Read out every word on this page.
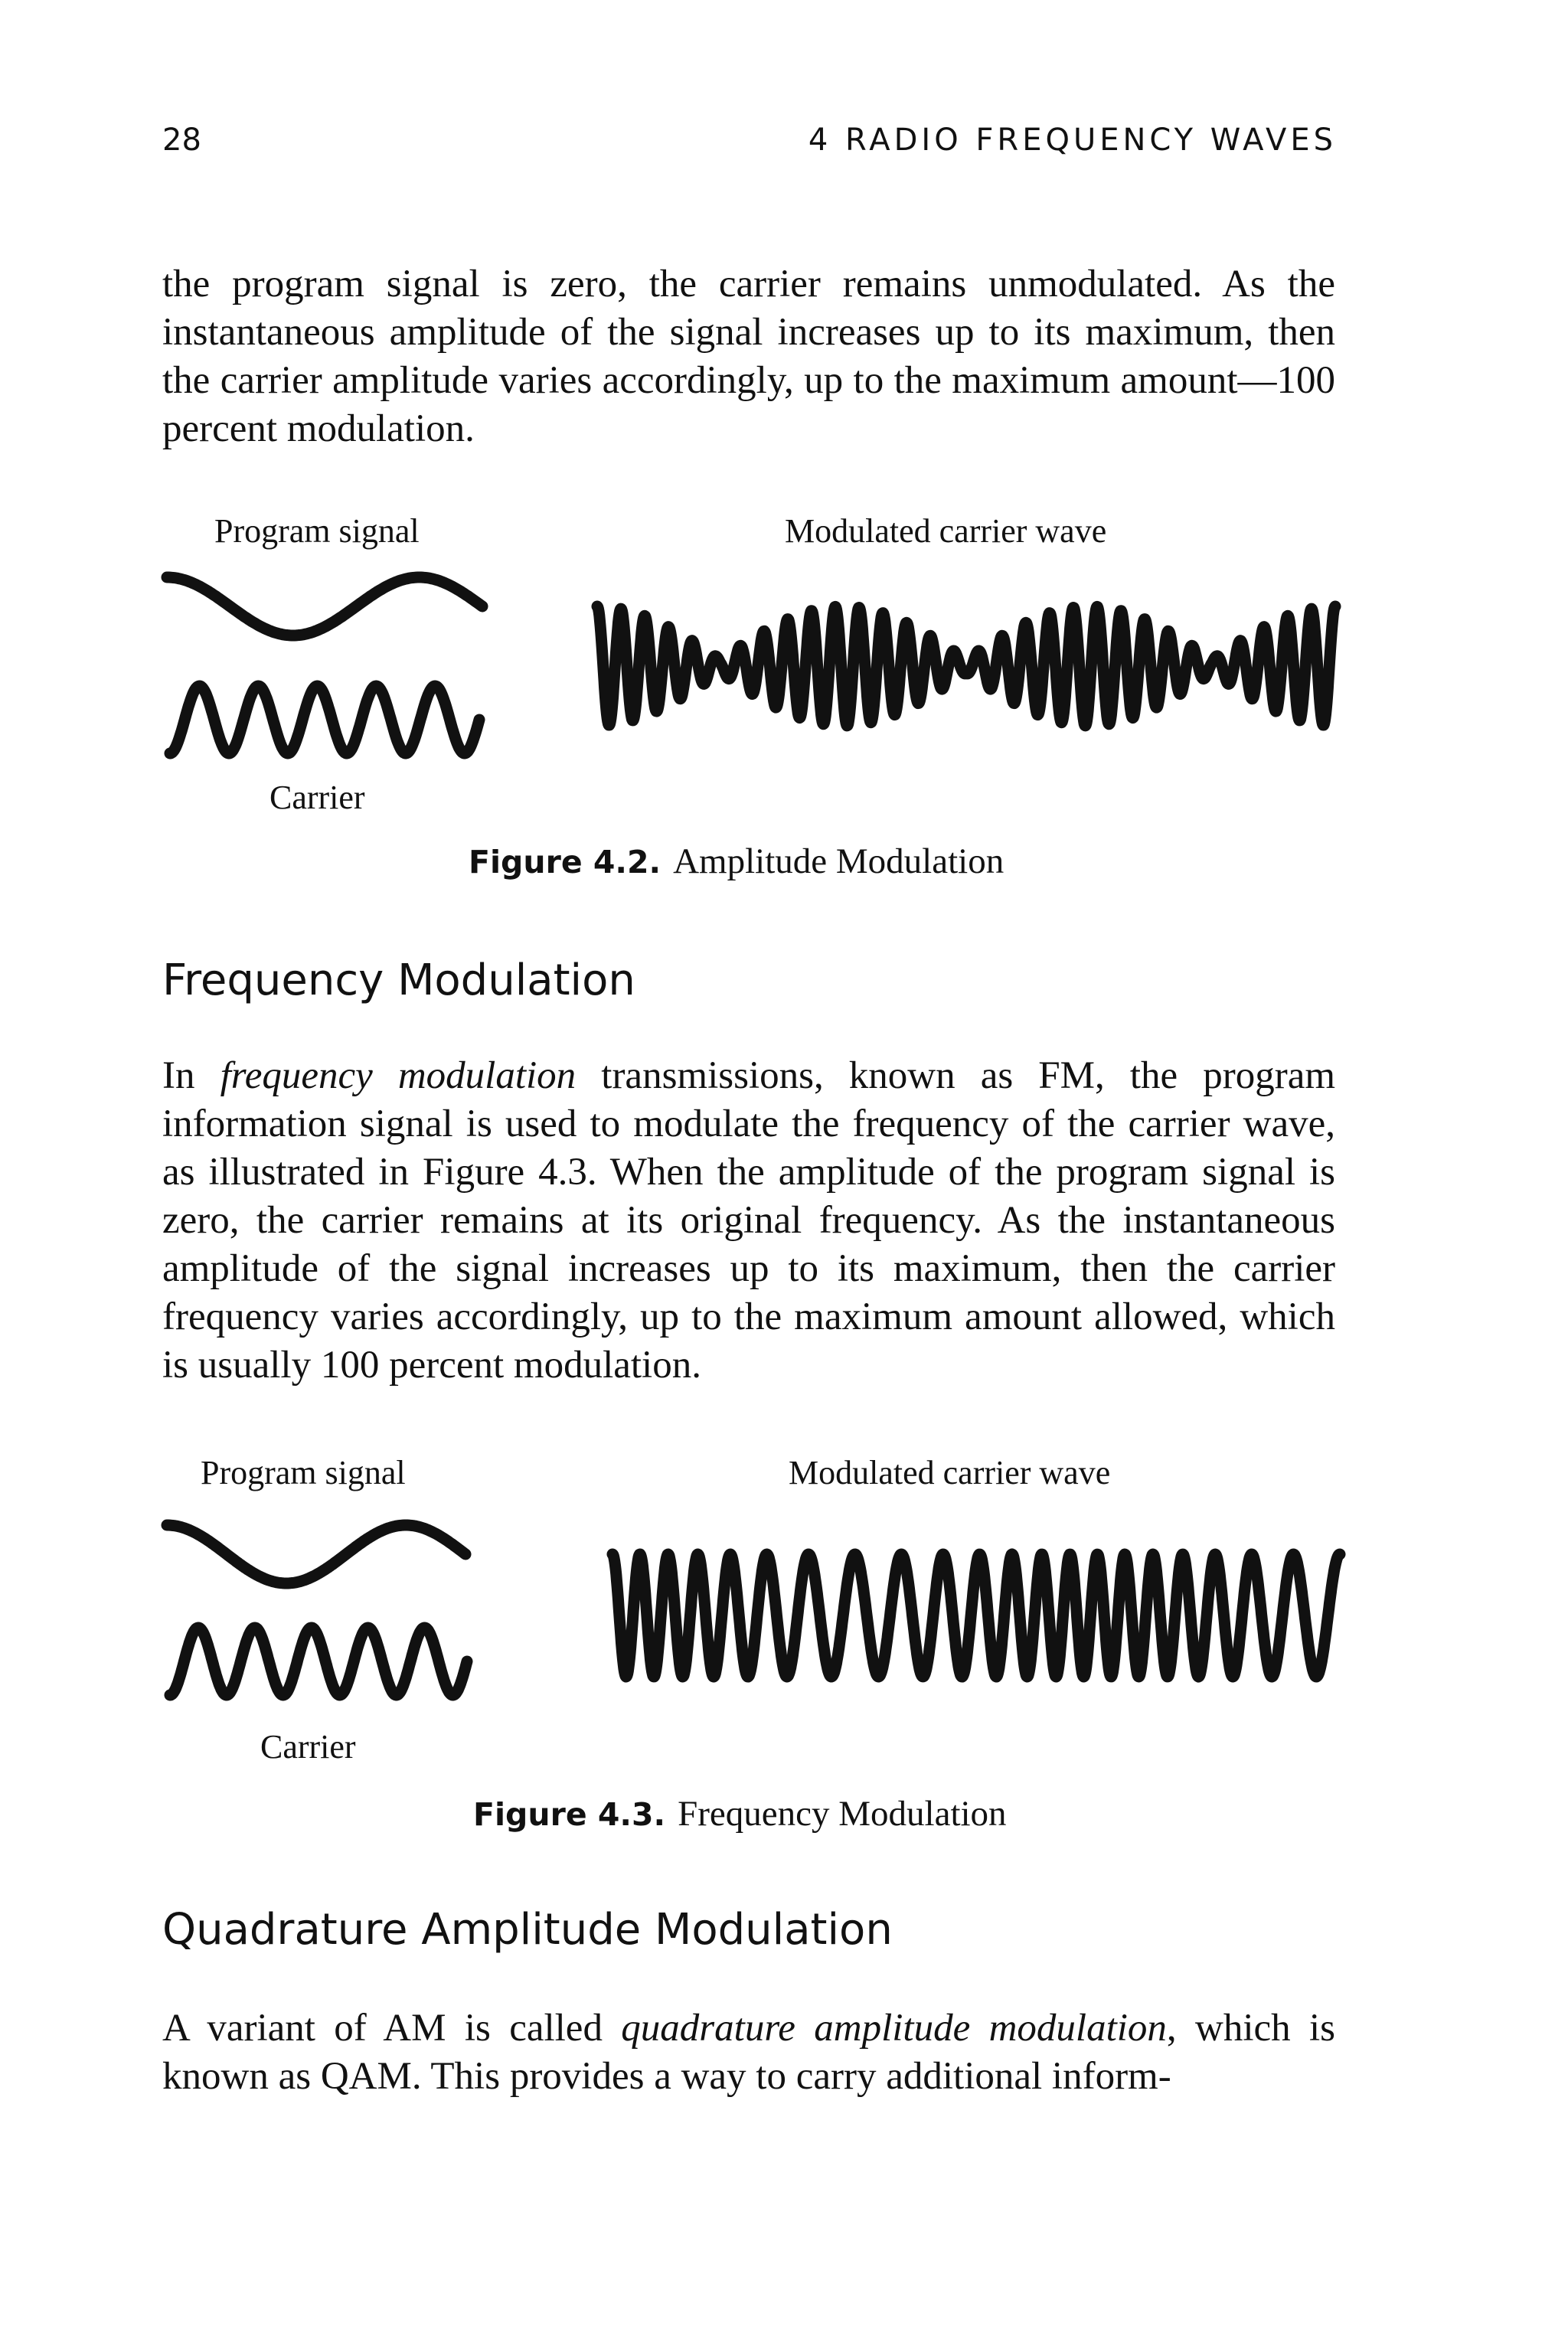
28	4 RADIO FREQUENCY WAVES

the program signal is zero, the carrier remains unmodulated. As the instantaneous amplitude of the signal increases up to its maximum, then the carrier amplitude varies accordingly, up to the maximum amount—100 percent modulation.

Program signal	Modulated carrier wave
Carrier
Figure 4.2. Amplitude Modulation
Frequency Modulation

In frequency modulation transmissions, known as FM, the program information signal is used to modulate the frequency of the carrier wave, as illustrated in Figure 4.3. When the amplitude of the program signal is zero, the carrier remains at its original frequency. As the instantaneous amplitude of the signal increases up to its maximum, then the carrier frequency varies accordingly, up to the maximum amount allowed, which is usually 100 percent modulation.

Program signal	Modulated carrier wave
Carrier
Figure 4.3. Frequency Modulation
Quadrature Amplitude Modulation

A variant of AM is called quadrature amplitude modulation, which is known as QAM. This provides a way to carry additional inform-
